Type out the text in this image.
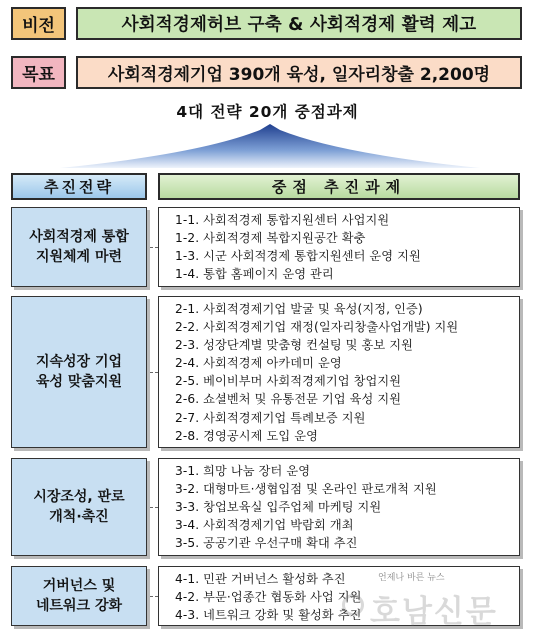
비전	사회적경제허브 구축 & 사회적경제 활력 제고
목표	사회적경제기업 390개 육성, 일자리창출 2,200명
4대 전략 20개 중점과제
추진전략	중점 추진과제
사회적경제 통합
지원체계 마련
1-1. 사회적경제 통합지원센터 사업지원
1-2. 사회적경제 복합지원공간 확충
1-3. 시군 사회적경제 통합지원센터 운영 지원
1-4. 통합 홈페이지 운영 관리
지속성장 기업
육성 맞춤지원
2-1. 사회적경제기업 발굴 및 육성(지정, 인증)
2-2. 사회적경제기업 재정(일자리창출사업개발) 지원
2-3. 성장단계별 맞춤형 컨설팅 및 홍보 지원
2-4. 사회적경제 아카데미 운영
2-5. 베이비부머 사회적경제기업 창업지원
2-6. 쇼셜벤처 및 유통전문 기업 육성 지원
2-7. 사회적경제기업 특례보증 지원
2-8. 경영공시제 도입 운영
시장조성, 판로
개척·촉진
3-1. 희망 나눔 장터 운영
3-2. 대형마트·생협입점 및 온라인 판로개척 지원
3-3. 창업보육실 입주업체 마케팅 지원
3-4. 사회적경제기업 박람회 개최
3-5. 공공기관 우선구매 확대 추진
거버넌스 및
네트워크 강화
4-1. 민관 거버넌스 활성화 추진
4-2. 부문·업종간 협동화 사업 지원
4-3. 네트워크 강화 및 활성화 추진
언제나 바른 뉴스
호남신문
